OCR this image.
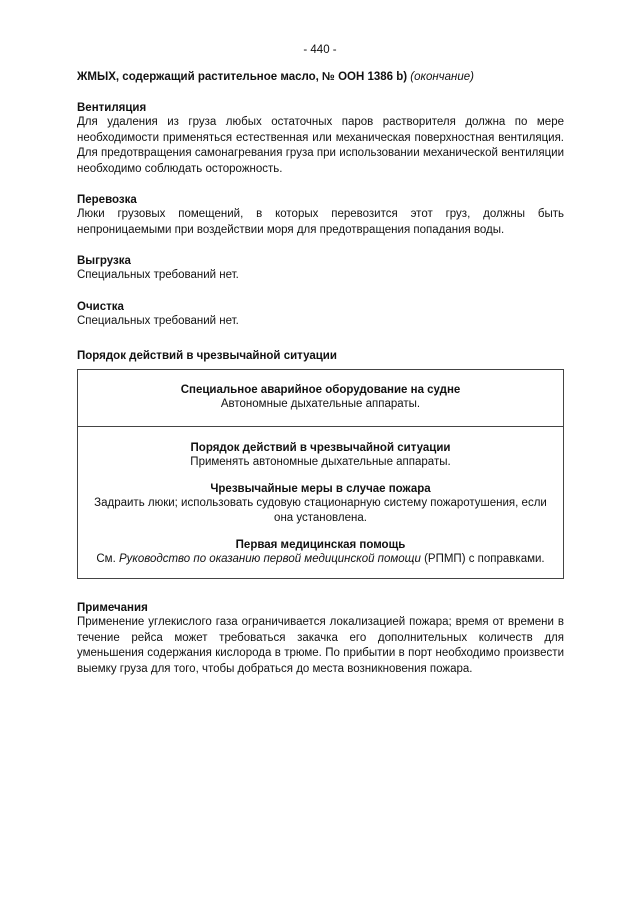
- 440 -
ЖМЫХ, содержащий растительное масло, № ООН 1386 b) (окончание)
Вентиляция

Для удаления из груза любых остаточных паров растворителя должна по мере необходимости применяться естественная или механическая поверхностная вентиляция. Для предотвращения самонагревания груза при использовании механической вентиляции необходимо соблюдать осторожность.

Перевозка

Люки грузовых помещений, в которых перевозится этот груз, должны быть непроницаемыми при воздействии моря для предотвращения попадания воды.

Выгрузка

Специальных требований нет.

Очистка

Специальных требований нет.

Порядок действий в чрезвычайной ситуации
Специальное аварийное оборудование на судне

Автономные дыхательные аппараты.

Порядок действий в чрезвычайной ситуации

Применять автономные дыхательные аппараты.

Чрезвычайные меры в случае пожара

Задраить люки; использовать судовую стационарную систему пожаротушения, если она установлена.

Первая медицинская помощь

См. Руководство по оказанию первой медицинской помощи (РПМП) с поправками.

Примечания

Применение углекислого газа ограничивается локализацией пожара; время от времени в течение рейса может требоваться закачка его дополнительных количеств для уменьшения содержания кислорода в трюме. По прибытии в порт необходимо произвести выемку груза для того, чтобы добраться до места возникновения пожара.
